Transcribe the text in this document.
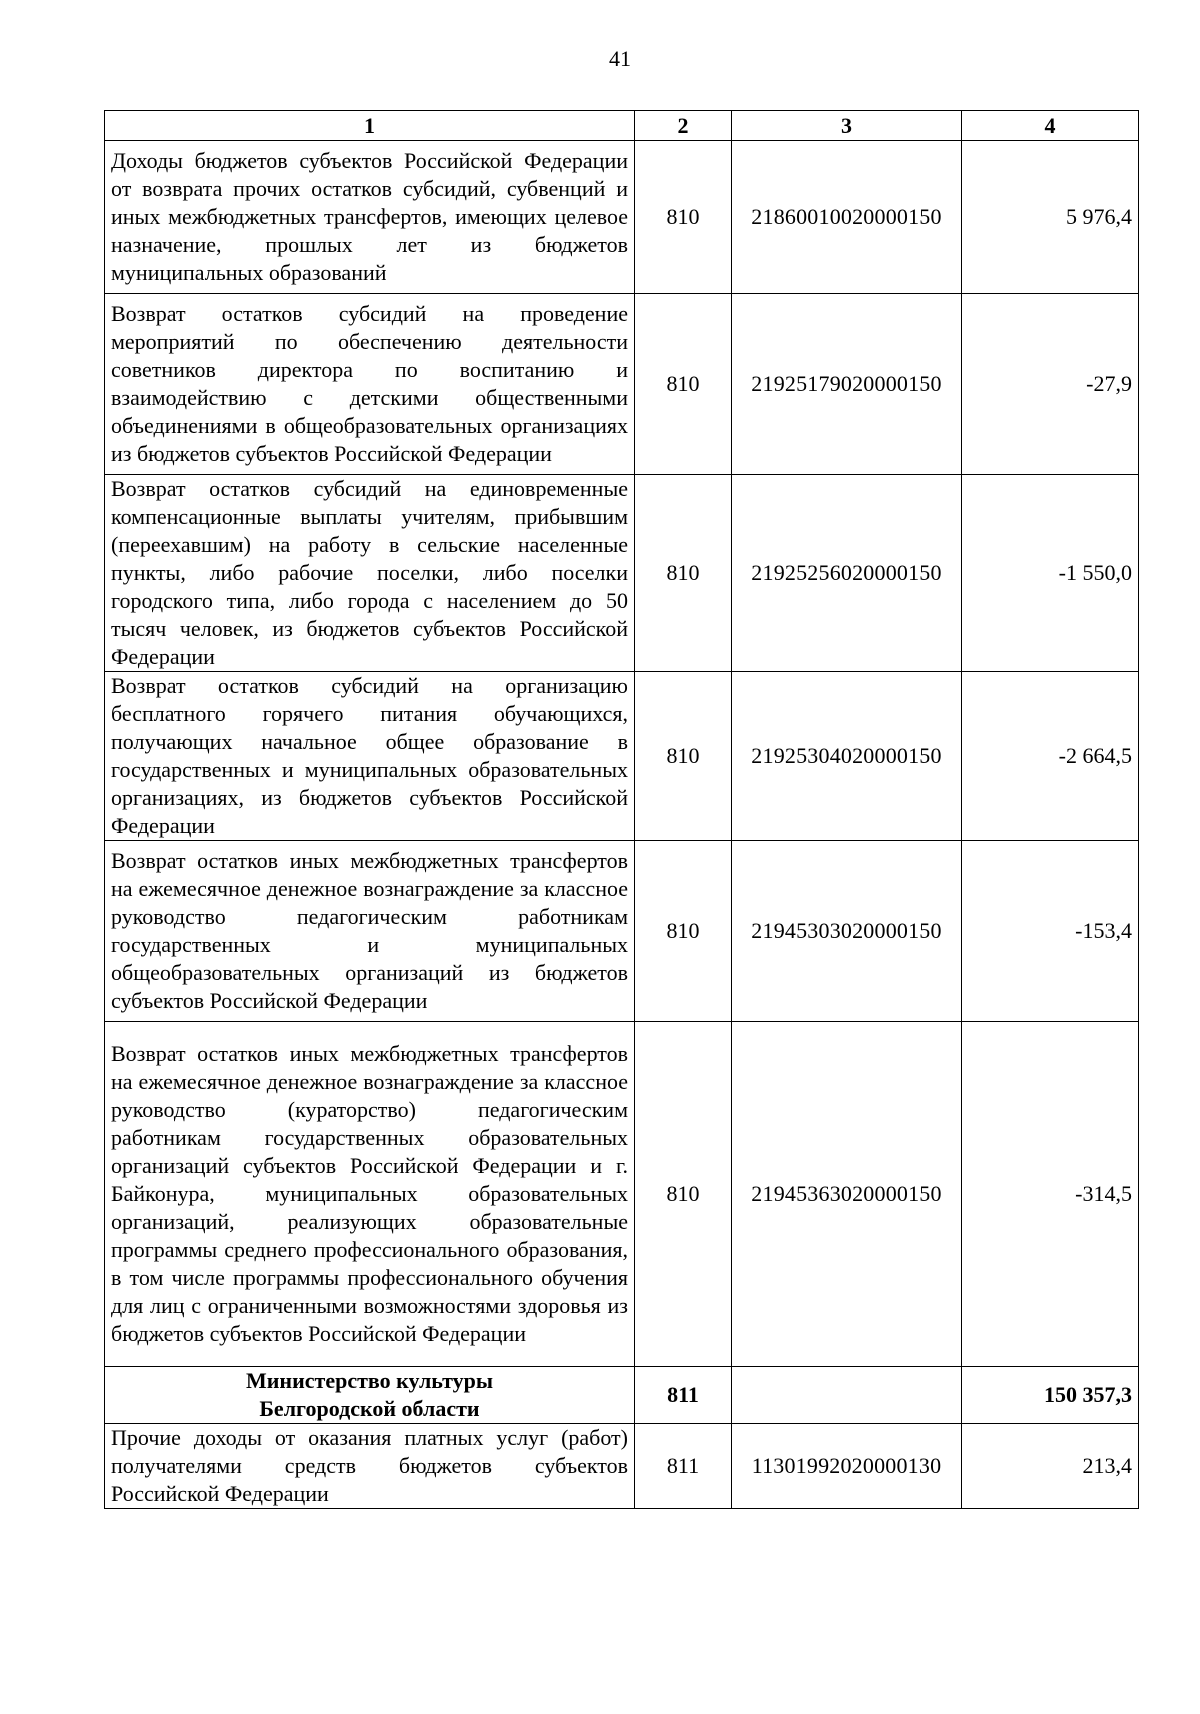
41
1	2	3	4
Доходы бюджетов субъектов Российской Федерации от возврата прочих остатков субсидий, субвенций и иных межбюджетных трансфертов, имеющих целевое назначение, прошлых лет из бюджетов муниципальных образований	810	21860010020000150	5 976,4
Возврат остатков субсидий на проведение мероприятий по обеспечению деятельности советников директора по воспитанию и взаимодействию с детскими общественными объединениями в общеобразовательных организациях из бюджетов субъектов Российской Федерации	810	21925179020000150	-27,9
Возврат остатков субсидий на единовременные компенсационные выплаты учителям, прибывшим (переехавшим) на работу в сельские населенные пункты, либо рабочие поселки, либо поселки городского типа, либо города с населением до 50 тысяч человек, из бюджетов субъектов Российской Федерации	810	21925256020000150	-1 550,0
Возврат остатков субсидий на организацию бесплатного горячего питания обучающихся, получающих начальное общее образование в государственных и муниципальных образовательных организациях, из бюджетов субъектов Российской Федерации	810	21925304020000150	-2 664,5
Возврат остатков иных межбюджетных трансфертов на ежемесячное денежное вознаграждение за классное руководство педагогическим работникам государственных и муниципальных общеобразовательных организаций из бюджетов субъектов Российской Федерации	810	21945303020000150	-153,4
Возврат остатков иных межбюджетных трансфертов на ежемесячное денежное вознаграждение за классное руководство (кураторство) педагогическим работникам государственных образовательных организаций субъектов Российской Федерации и г. Байконура, муниципальных образовательных организаций, реализующих образовательные программы среднего профессионального образования, в том числе программы профессионального обучения для лиц с ограниченными возможностями здоровья из бюджетов субъектов Российской Федерации	810	21945363020000150	-314,5

Министерство культуры
Белгородской области	811		150 357,3
Прочие доходы от оказания платных услуг (работ) получателями средств бюджетов субъектов Российской Федерации	811	11301992020000130	213,4
